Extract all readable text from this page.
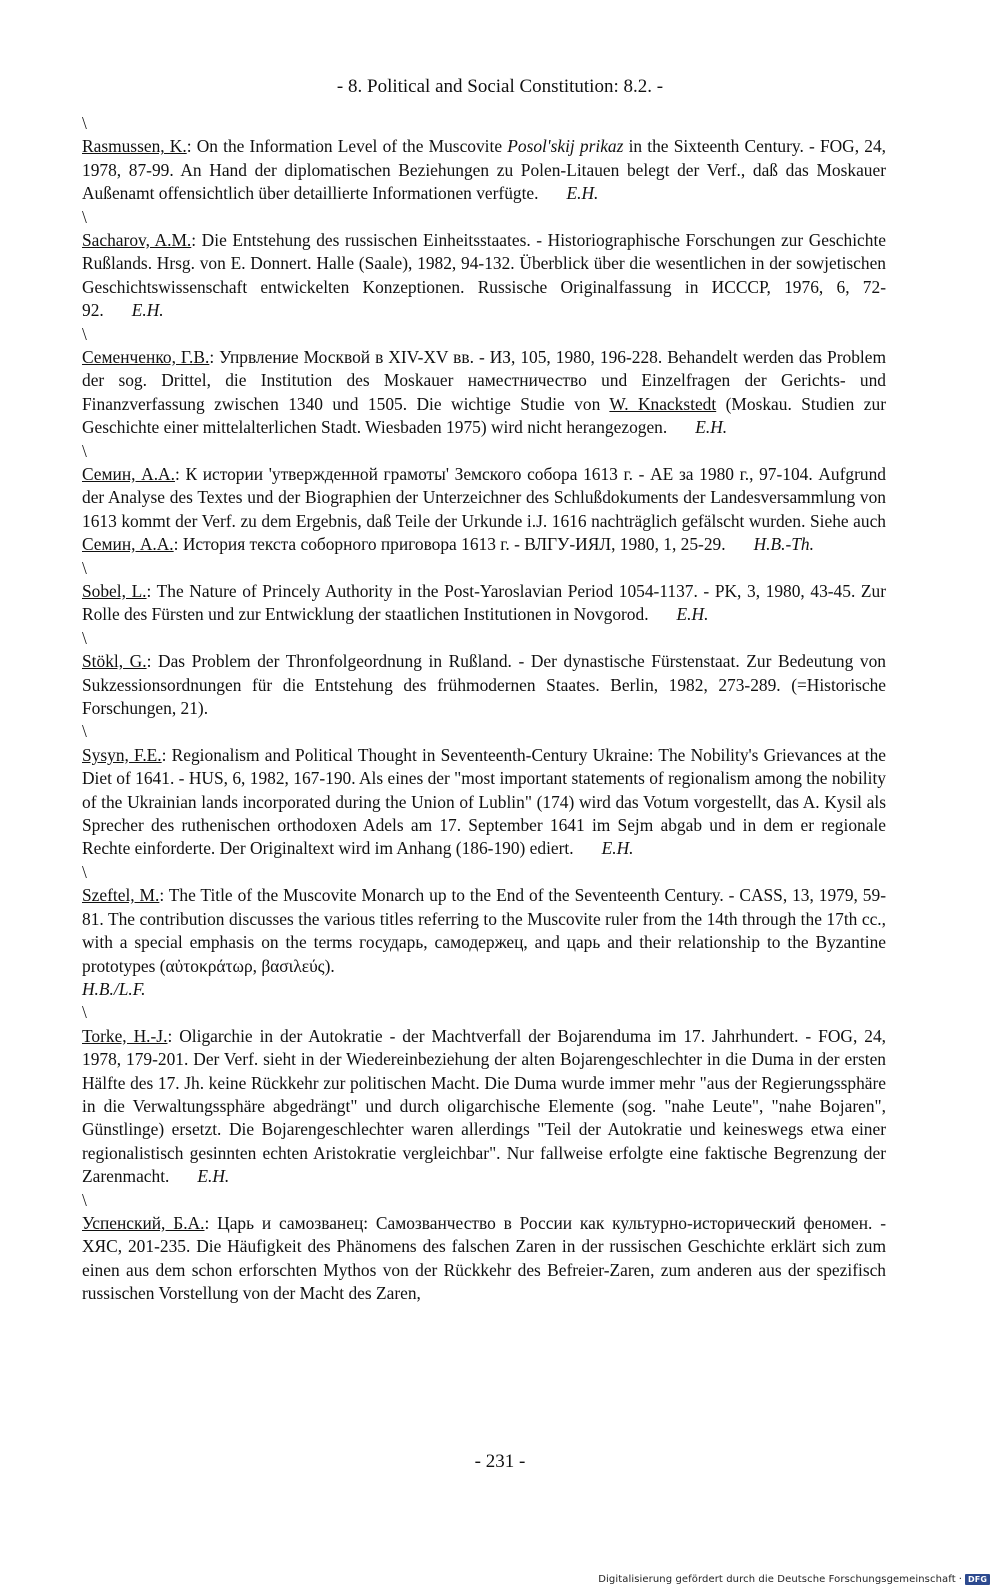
- 8. Political and Social Constitution: 8.2. -
\
Rasmussen, K.: On the Information Level of the Muscovite Posol'skij prikaz in the Sixteenth Century. - FOG, 24, 1978, 87-99. An Hand der diplomatischen Beziehungen zu Polen-Litauen belegt der Verf., daß das Moskauer Außenamt offensichtlich über detaillierte Informationen verfügte. E.H.
\
Sacharov, A.M.: Die Entstehung des russischen Einheitsstaates. - Historiographische Forschungen zur Geschichte Rußlands. Hrsg. von E. Donnert. Halle (Saale), 1982, 94-132. Überblick über die wesentlichen in der sowjetischen Geschichtswissenschaft entwickelten Konzeptionen. Russische Originalfassung in ИСССР, 1976, 6, 72-92. E.H.
\
Семенченко, Г.В.: Упрвление Москвой в XIV-XV вв. - ИЗ, 105, 1980, 196-228. Behandelt werden das Problem der sog. Drittel, die Institution des Moskauer наместничество und Einzelfragen der Gerichts- und Finanzverfassung zwischen 1340 und 1505. Die wichtige Studie von W. Knackstedt (Moskau. Studien zur Geschichte einer mittelalterlichen Stadt. Wiesbaden 1975) wird nicht herangezogen. E.H.
\
Семин, А.А.: К истории 'утвержденной грамоты' Земского собора 1613 г. - АЕ за 1980 г., 97-104. Aufgrund der Analyse des Textes und der Biographien der Unterzeichner des Schlußdokuments der Landesversammlung von 1613 kommt der Verf. zu dem Ergebnis, daß Teile der Urkunde i.J. 1616 nachträglich gefälscht wurden. Siehe auch Семин, А.А.: История текста соборного приговора 1613 г. - ВЛГУ-ИЯЛ, 1980, 1, 25-29. H.B.-Th.
\
Sobel, L.: The Nature of Princely Authority in the Post-Yaroslavian Period 1054-1137. - PK, 3, 1980, 43-45. Zur Rolle des Fürsten und zur Entwicklung der staatlichen Institutionen in Novgorod. E.H.
\
Stökl, G.: Das Problem der Thronfolgeordnung in Rußland. - Der dynastische Fürstenstaat. Zur Bedeutung von Sukzessionsordnungen für die Entstehung des frühmodernen Staates. Berlin, 1982, 273-289. (=Historische Forschungen, 21).
\
Sysyn, F.E.: Regionalism and Political Thought in Seventeenth-Century Ukraine: The Nobility's Grievances at the Diet of 1641. - HUS, 6, 1982, 167-190. Als eines der "most important statements of regionalism among the nobility of the Ukrainian lands incorporated during the Union of Lublin" (174) wird das Votum vorgestellt, das A. Kysil als Sprecher des ruthenischen orthodoxen Adels am 17. September 1641 im Sejm abgab und in dem er regionale Rechte einforderte. Der Originaltext wird im Anhang (186-190) ediert. E.H.
\
Szeftel, M.: The Title of the Muscovite Monarch up to the End of the Seventeenth Century. - CASS, 13, 1979, 59-81. The contribution discusses the various titles referring to the Muscovite ruler from the 14th through the 17th cc., with a special emphasis on the terms государь, самодержец, and царь and their relationship to the Byzantine prototypes (αὐτοκράτωρ, βασιλεύς).
H.B./L.F.
\
Torke, H.-J.: Oligarchie in der Autokratie - der Machtverfall der Bojarenduma im 17. Jahrhundert. - FOG, 24, 1978, 179-201. Der Verf. sieht in der Wiedereinbeziehung der alten Bojarengeschlechter in die Duma in der ersten Hälfte des 17. Jh. keine Rückkehr zur politischen Macht. Die Duma wurde immer mehr "aus der Regierungssphäre in die Verwaltungssphäre abgedrängt" und durch oligarchische Elemente (sog. "nahe Leute", "nahe Bojaren", Günstlinge) ersetzt. Die Bojarengeschlechter waren allerdings "Teil der Autokratie und keineswegs etwa einer regionalistisch gesinnten echten Aristokratie vergleichbar". Nur fallweise erfolgte eine faktische Begrenzung der Zarenmacht. E.H.
\
Успенский, Б.А.: Царь и самозванец: Самозванчество в России как культурно-исторический феномен. - ХЯС, 201-235. Die Häufigkeit des Phänomens des falschen Zaren in der russischen Geschichte erklärt sich zum einen aus dem schon erforschten Mythos von der Rückkehr des Befreier-Zaren, zum anderen aus der spezifisch russischen Vorstellung von der Macht des Zaren,
- 231 -
Digitalisierung gefördert durch die Deutsche Forschungsgemeinschaft · DFG
